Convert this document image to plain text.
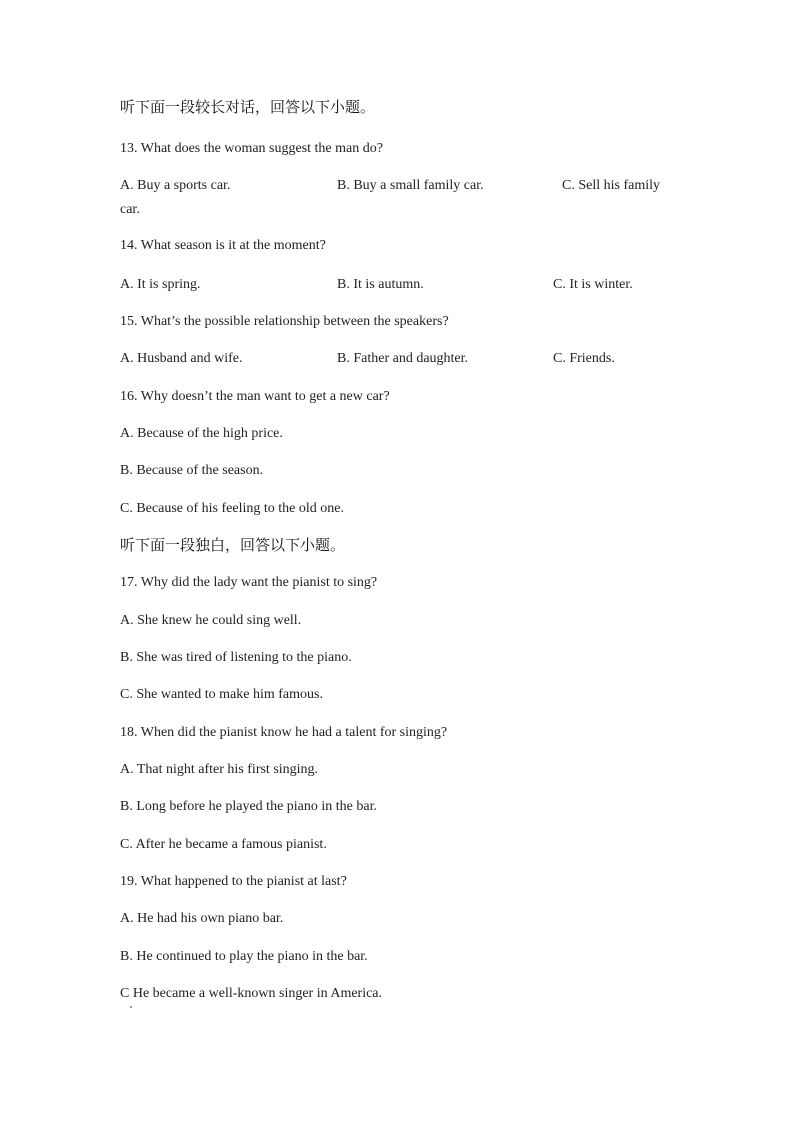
听下面一段较长对话，回答以下小题。
13. What does the woman suggest the man do?
A. Buy a sports car.	B. Buy a small family car.	C. Sell his family
car.
14. What season is it at the moment?
A. It is spring.	B. It is autumn.	C. It is winter.
15. What’s the possible relationship between the speakers?
A. Husband and wife.	B. Father and daughter.	C. Friends.
16. Why doesn’t the man want to get a new car?
A. Because of the high price.
B. Because of the season.
C. Because of his feeling to the old one.
听下面一段独白，回答以下小题。
17. Why did the lady want the pianist to sing?
A. She knew he could sing well.
B. She was tired of listening to the piano.
C. She wanted to make him famous.
18. When did the pianist know he had a talent for singing?
A. That night after his first singing.
B. Long before he played the piano in the bar.
C. After he became a famous pianist.
19. What happened to the pianist at last?
A. He had his own piano bar.
B. He continued to play the piano in the bar.
C He became a well-known singer in America.
